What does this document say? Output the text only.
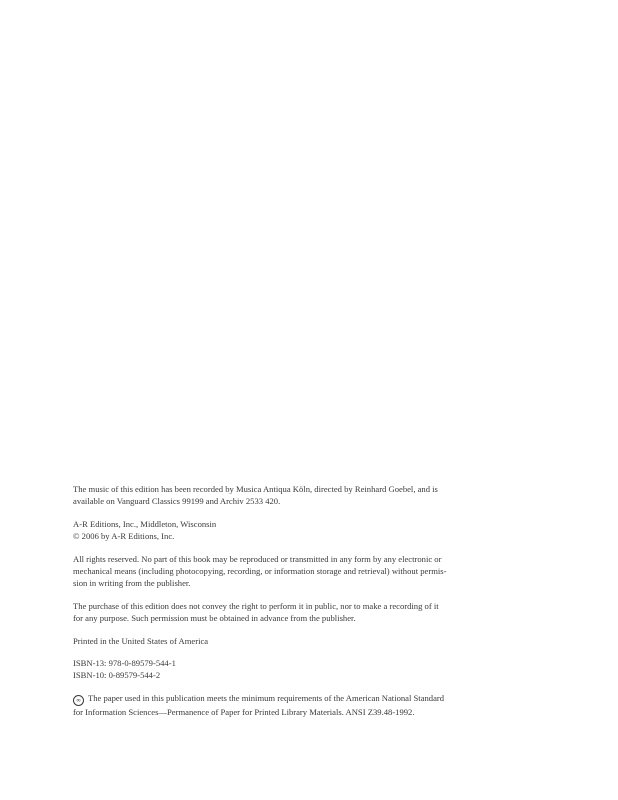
The music of this edition has been recorded by Musica Antiqua Köln, directed by Reinhard Goebel, and is
available on Vanguard Classics 99199 and Archiv 2533 420.

A-R Editions, Inc., Middleton, Wisconsin
© 2006 by A-R Editions, Inc.

All rights reserved. No part of this book may be reproduced or transmitted in any form by any electronic or
mechanical means (including photocopying, recording, or information storage and retrieval) without permis-
sion in writing from the publisher.

The purchase of this edition does not convey the right to perform it in public, nor to make a recording of it
for any purpose. Such permission must be obtained in advance from the publisher.

Printed in the United States of America

ISBN-13: 978-0-89579-544-1
ISBN-10: 0-89579-544-2

∞ The paper used in this publication meets the minimum requirements of the American National Standard
for Information Sciences—Permanence of Paper for Printed Library Materials. ANSI Z39.48-1992.
